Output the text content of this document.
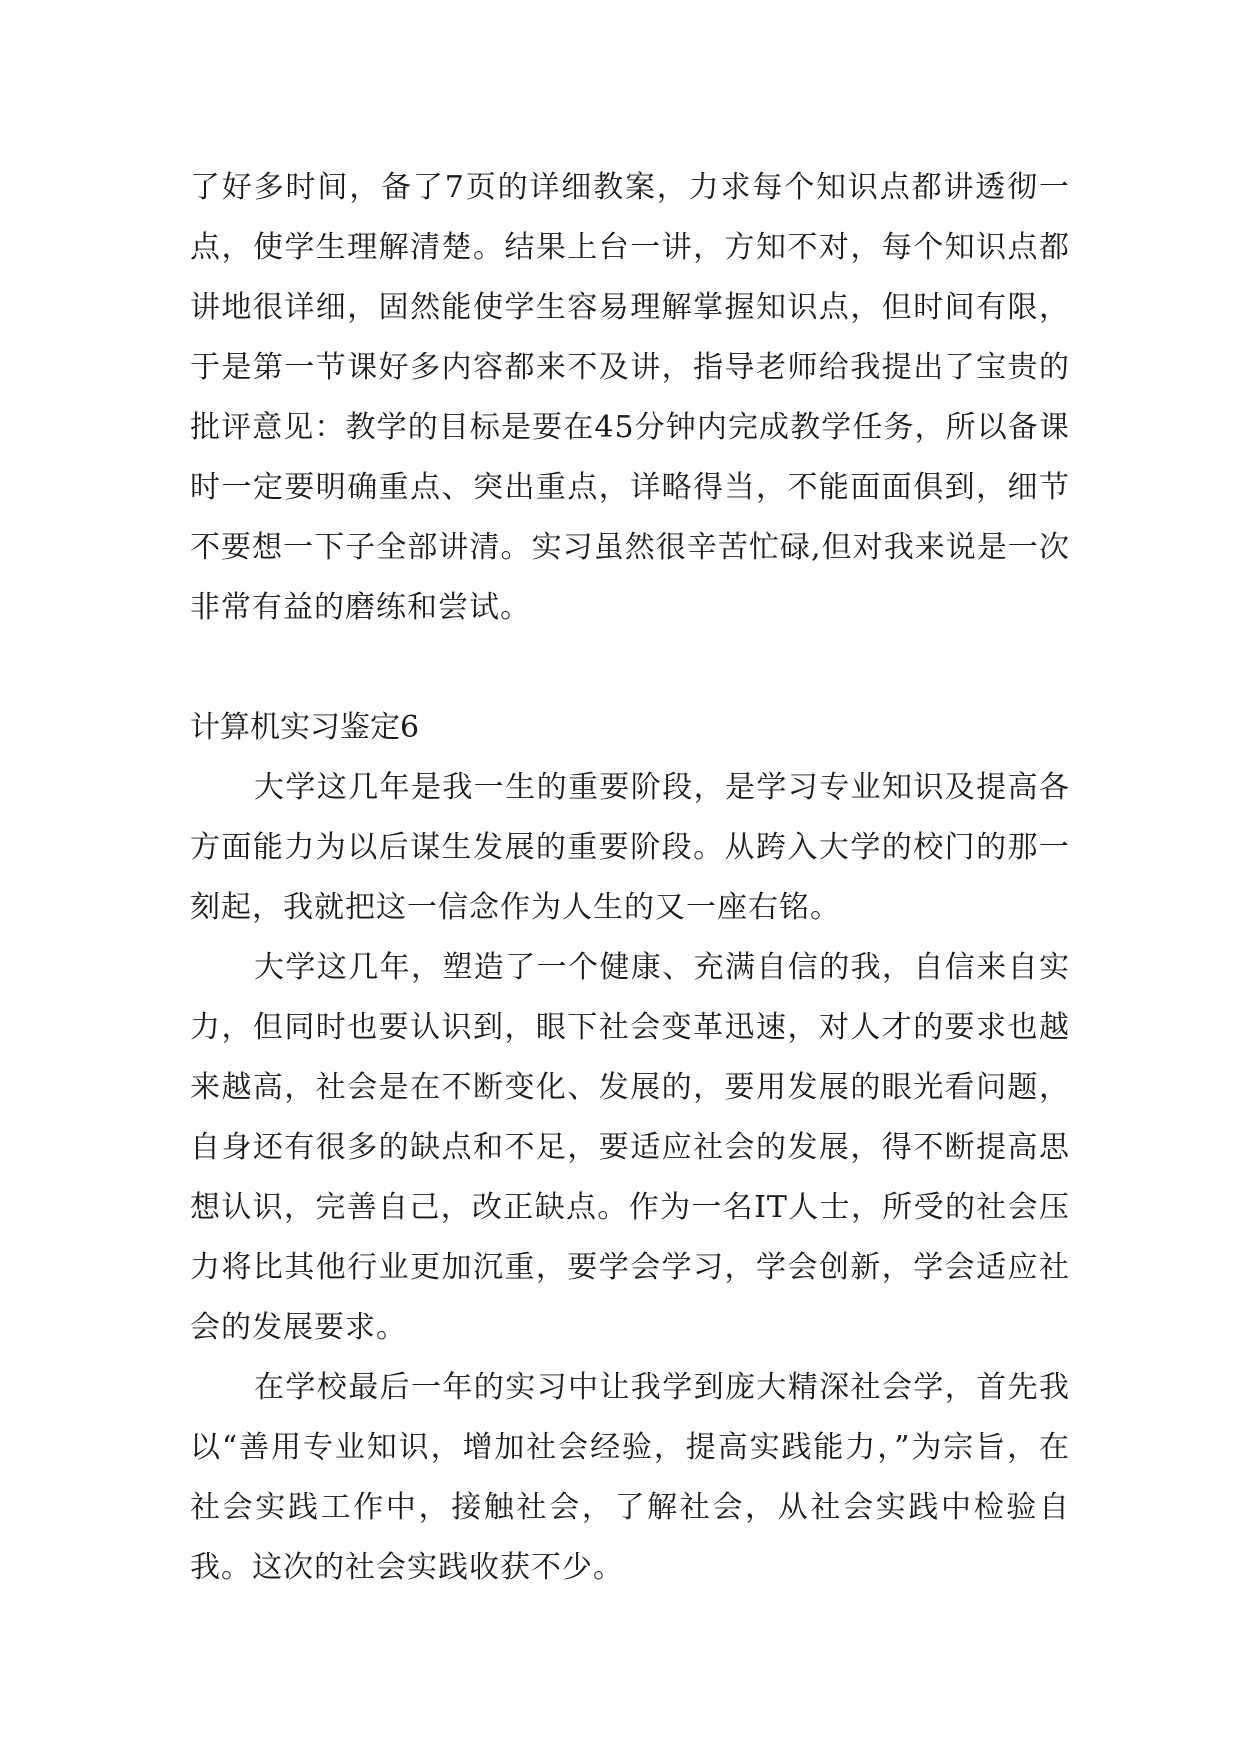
了好多时间，备了7页的详细教案，力求每个知识点都讲透彻一点，使学生理解清楚。结果上台一讲，方知不对，每个知识点都讲地很详细，固然能使学生容易理解掌握知识点，但时间有限，于是第一节课好多内容都来不及讲，指导老师给我提出了宝贵的批评意见：教学的目标是要在45分钟内完成教学任务，所以备课时一定要明确重点、突出重点，详略得当，不能面面俱到，细节不要想一下子全部讲清。实习虽然很辛苦忙碌,但对我来说是一次非常有益的磨练和尝试。

计算机实习鉴定6

大学这几年是我一生的重要阶段，是学习专业知识及提高各方面能力为以后谋生发展的重要阶段。从跨入大学的校门的那一刻起，我就把这一信念作为人生的又一座右铭。

大学这几年，塑造了一个健康、充满自信的我，自信来自实力，但同时也要认识到，眼下社会变革迅速，对人才的要求也越来越高，社会是在不断变化、发展的，要用发展的眼光看问题，自身还有很多的缺点和不足，要适应社会的发展，得不断提高思想认识，完善自己，改正缺点。作为一名IT人士，所受的社会压力将比其他行业更加沉重，要学会学习，学会创新，学会适应社会的发展要求。

在学校最后一年的实习中让我学到庞大精深社会学，首先我以“善用专业知识，增加社会经验，提高实践能力，”为宗旨，在社会实践工作中，接触社会，了解社会，从社会实践中检验自我。这次的社会实践收获不少。
